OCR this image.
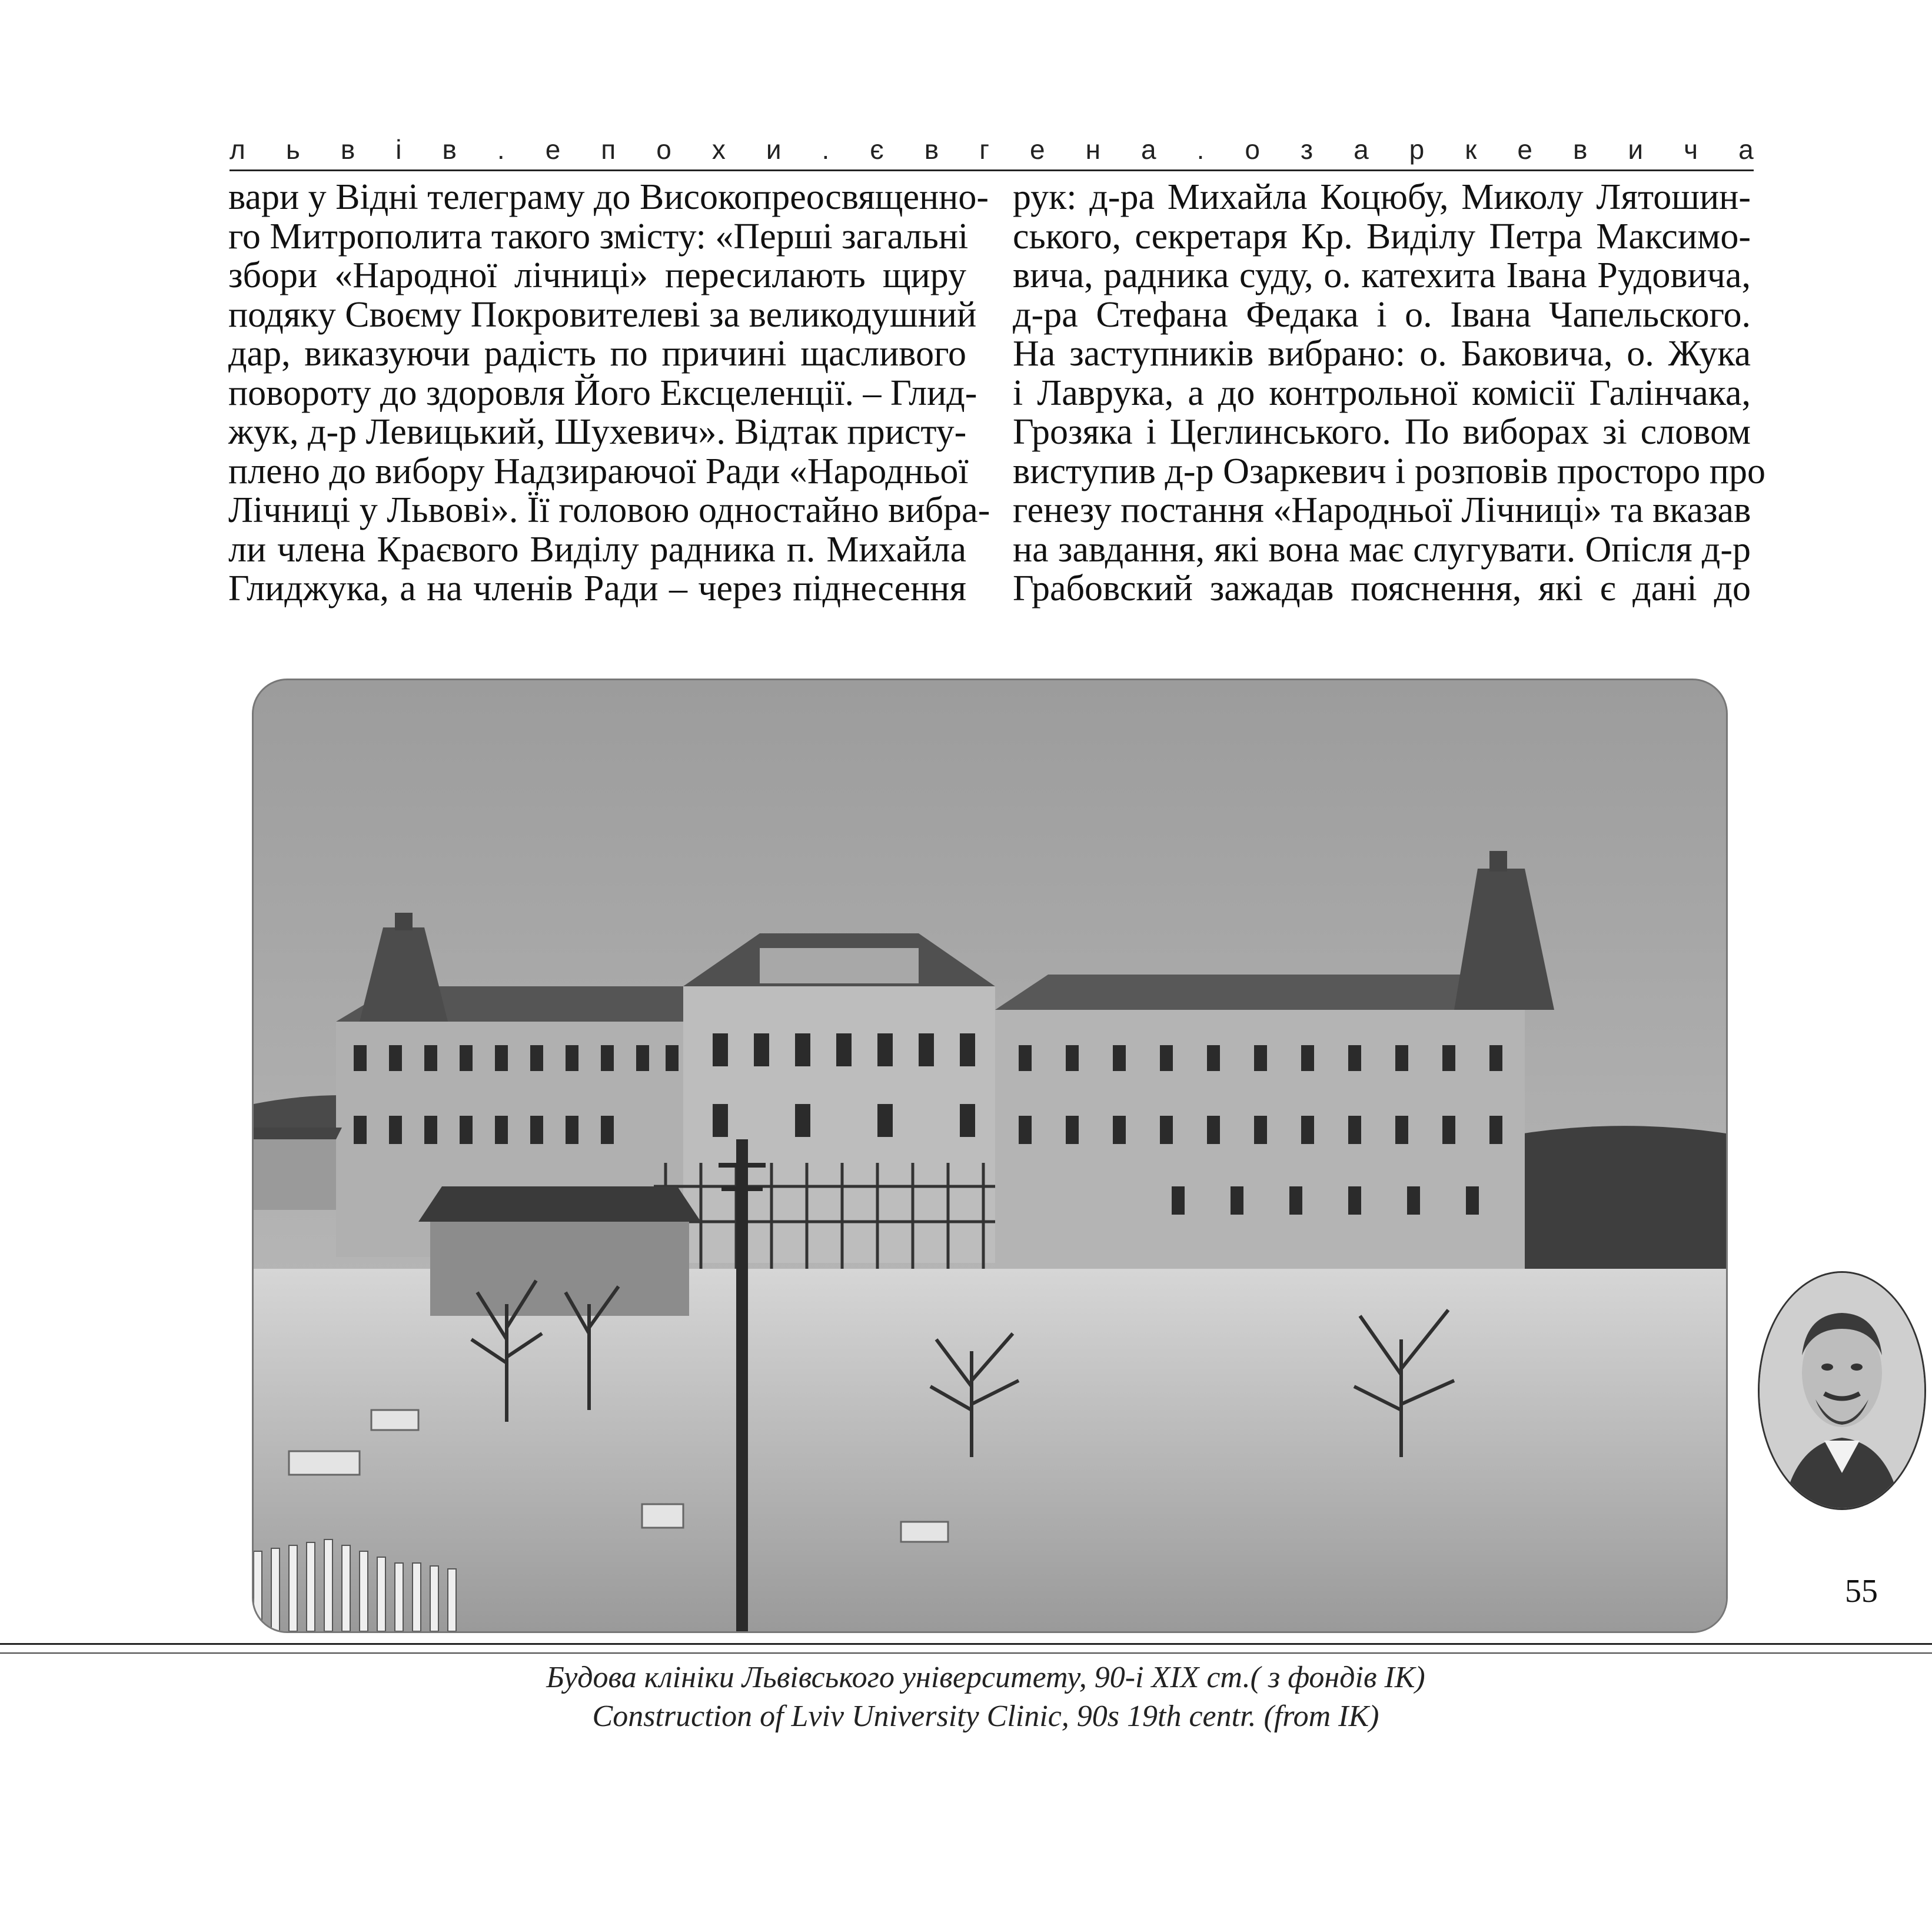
л ь в і в . е п о х и . є в г е н а . о з а р к е в и ч а
вари у Відні телеграму до Високопреосвященно-
го Митрополита такого змісту: «Перші загальні
збори «Народної лічниці» пересилають щиру
подяку Своєму Покровителеві за великодушний
дар, виказуючи радість по причині щасливого
повороту до здоровля Його Ексцеленції. – Глид-
жук, д-р Левицький, Шухевич». Відтак присту-
плено до вибору Надзираючої Ради «Народньої
Лічниці у Львові». Її головою одностайно вибра-
ли члена Краєвого Виділу радника п. Михайла
Глиджука, а на членів Ради – через піднесення
рук: д-ра Михайла Коцюбу, Миколу Лятошин-
ського, секретаря Кр. Виділу Петра Максимо-
вича, радника суду, о. катехита Івана Рудовича,
д-ра Стефана Федака і о. Івана Чапельского.
На заступників вибрано: о. Баковича, о. Жука
і Лаврука, а до контрольної комісії Галінчака,
Грозяка і Цеглинського. По виборах зі словом
виступив д-р Озаркевич і розповів просторо про
генезу постання «Народньої Лічниці» та вказав
на завдання, які вона має слугувати. Опісля д-р
Грабовский зажадав пояснення, які є дані до
55
Будова клініки Львівського університету, 90-і XIX ст.( з фондів ІК)
Construction of Lviv University Clinic, 90s 19th centr. (from IK)
